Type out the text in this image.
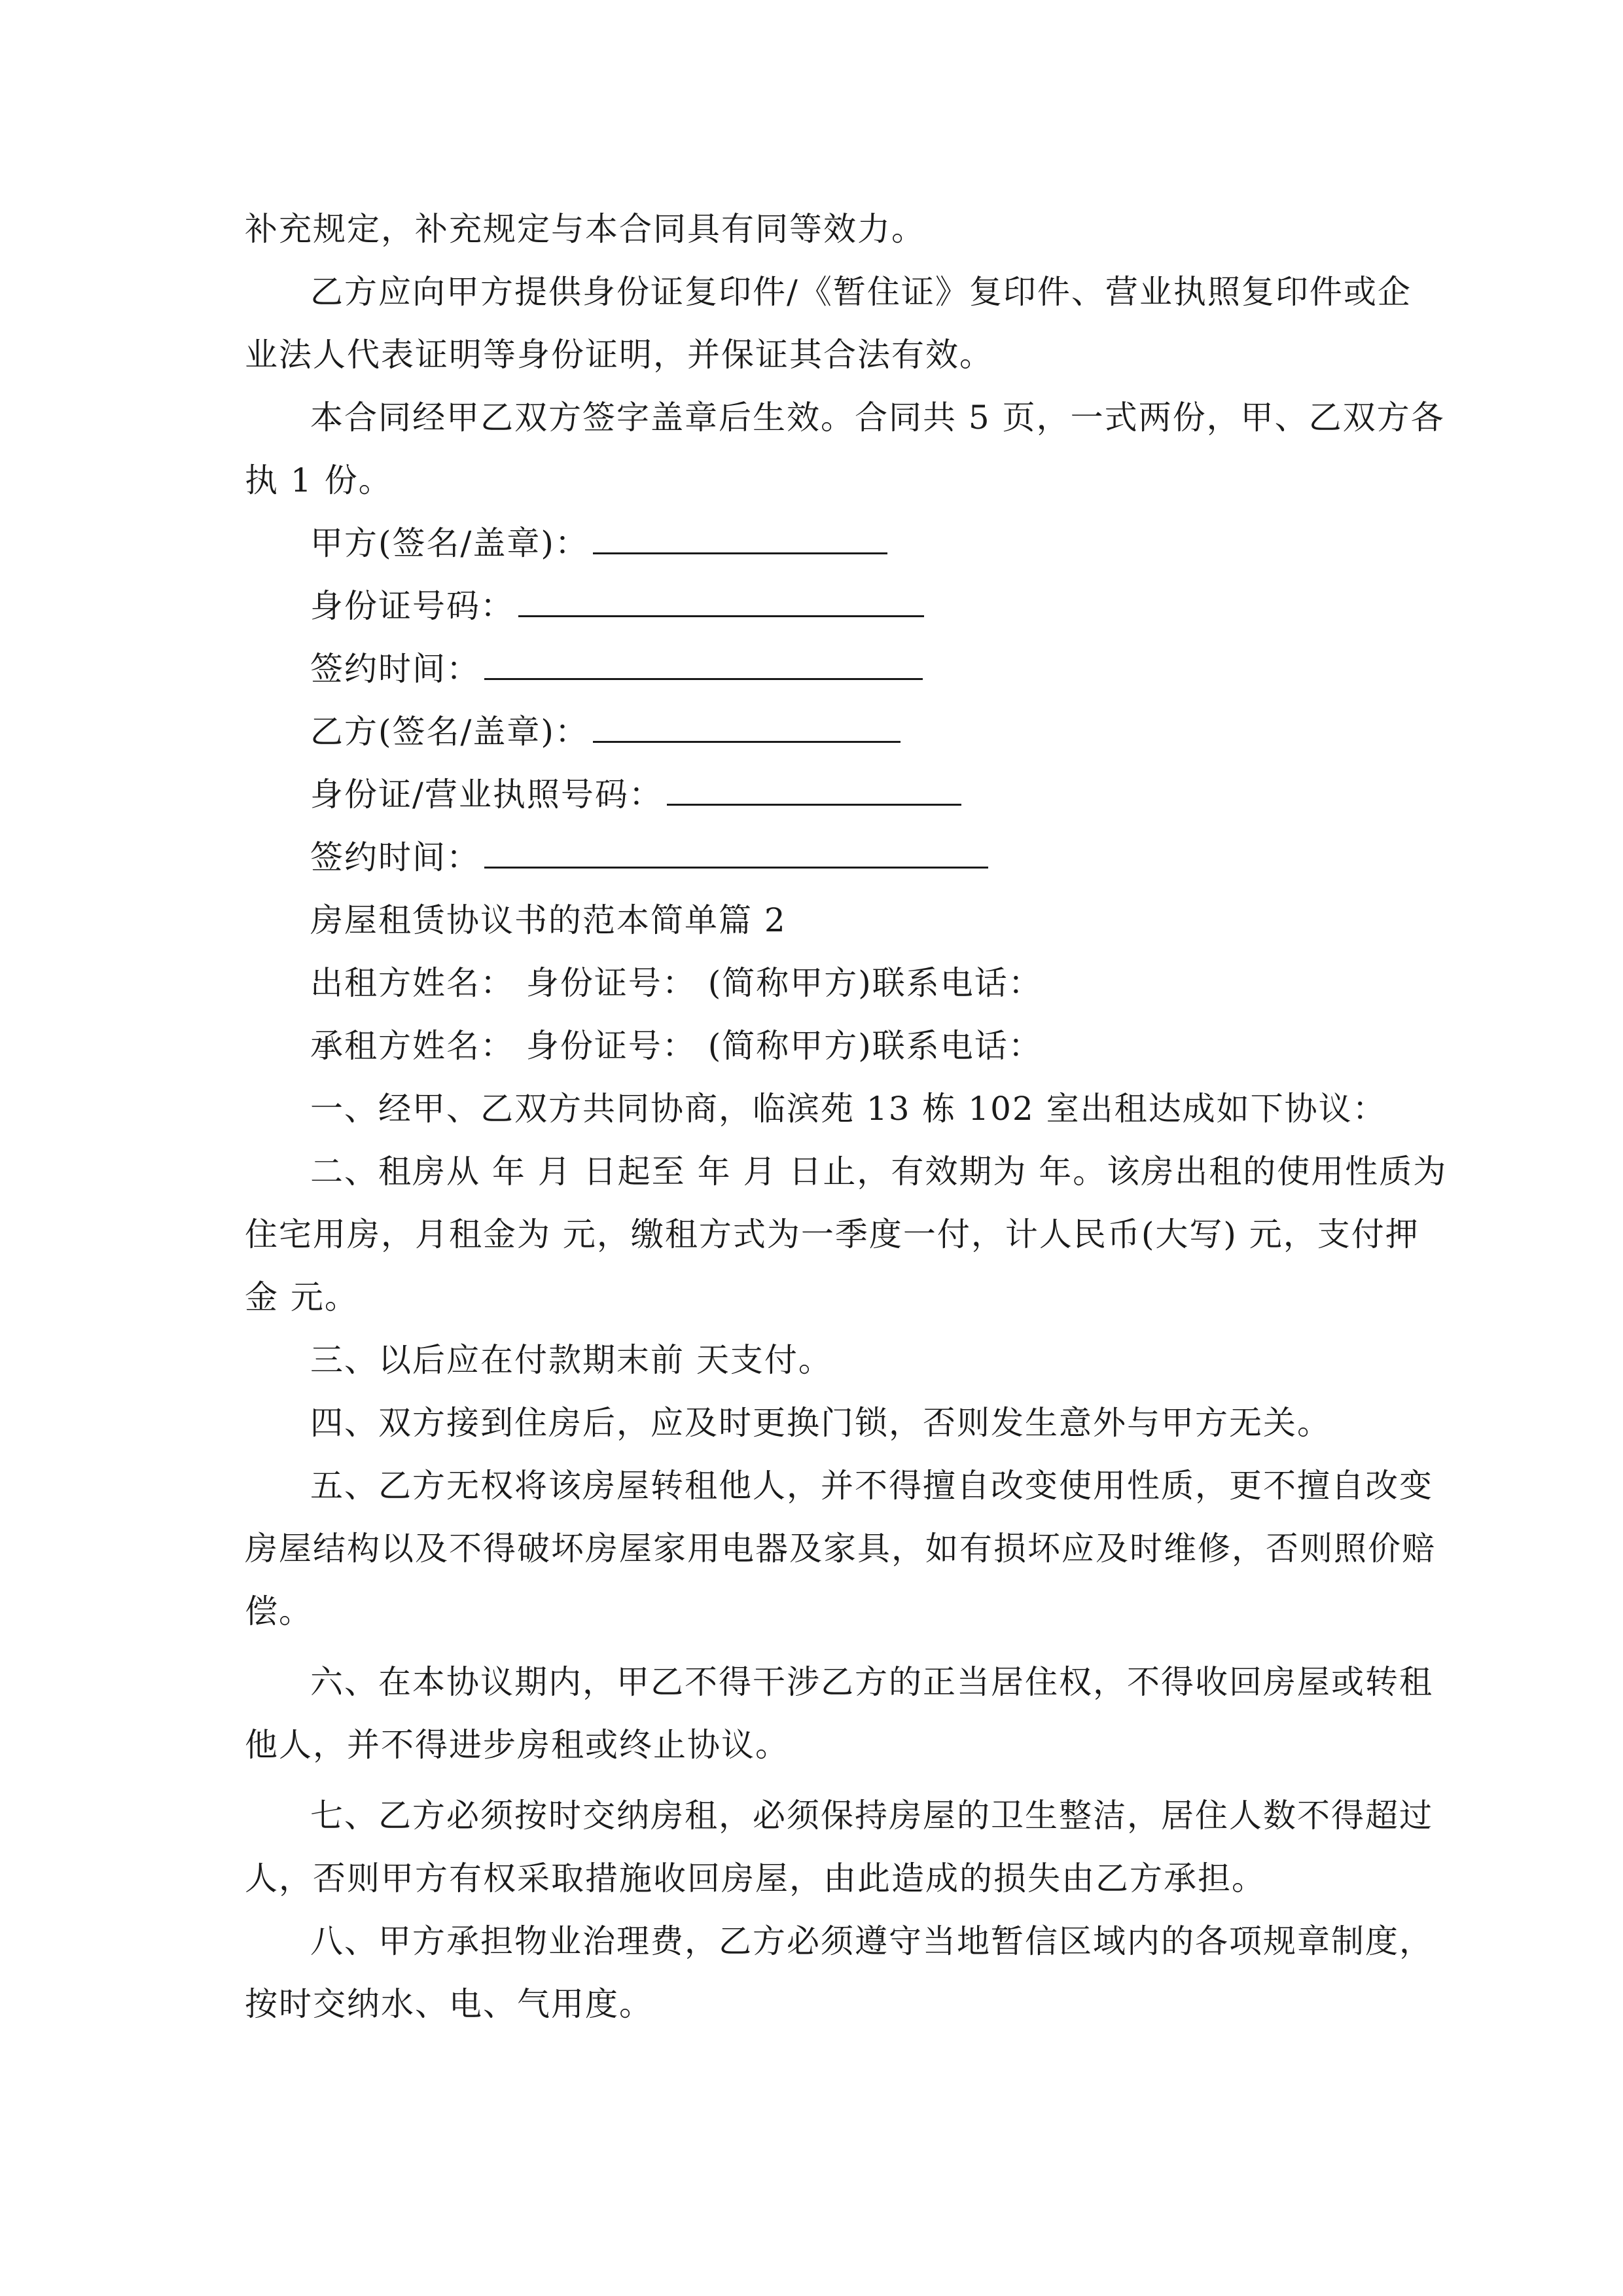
补充规定，补充规定与本合同具有同等效力。
乙方应向甲方提供身份证复印件/《暂住证》复印件、营业执照复印件或企
业法人代表证明等身份证明，并保证其合法有效。
本合同经甲乙双方签字盖章后生效。合同共 5 页，一式两份，甲、乙双方各
执 1 份。
甲方(签名/盖章)：
身份证号码：
签约时间：
乙方(签名/盖章)：
身份证/营业执照号码：
签约时间：
房屋租赁协议书的范本简单篇 2
出租方姓名： 身份证号： (简称甲方)联系电话：
承租方姓名： 身份证号： (简称甲方)联系电话：
一、经甲、乙双方共同协商，临滨苑 13 栋 102 室出租达成如下协议：
二、租房从 年 月 日起至 年 月 日止，有效期为 年。该房出租的使用性质为
住宅用房，月租金为 元，缴租方式为一季度一付，计人民币(大写) 元，支付押
金 元。
三、以后应在付款期末前 天支付。
四、双方接到住房后，应及时更换门锁，否则发生意外与甲方无关。
五、乙方无权将该房屋转租他人，并不得擅自改变使用性质，更不擅自改变
房屋结构以及不得破坏房屋家用电器及家具，如有损坏应及时维修，否则照价赔
偿。
六、在本协议期内，甲乙不得干涉乙方的正当居住权，不得收回房屋或转租
他人，并不得进步房租或终止协议。
七、乙方必须按时交纳房租，必须保持房屋的卫生整洁，居住人数不得超过
人，否则甲方有权采取措施收回房屋，由此造成的损失由乙方承担。
八、甲方承担物业治理费，乙方必须遵守当地暂信区域内的各项规章制度，
按时交纳水、电、气用度。
